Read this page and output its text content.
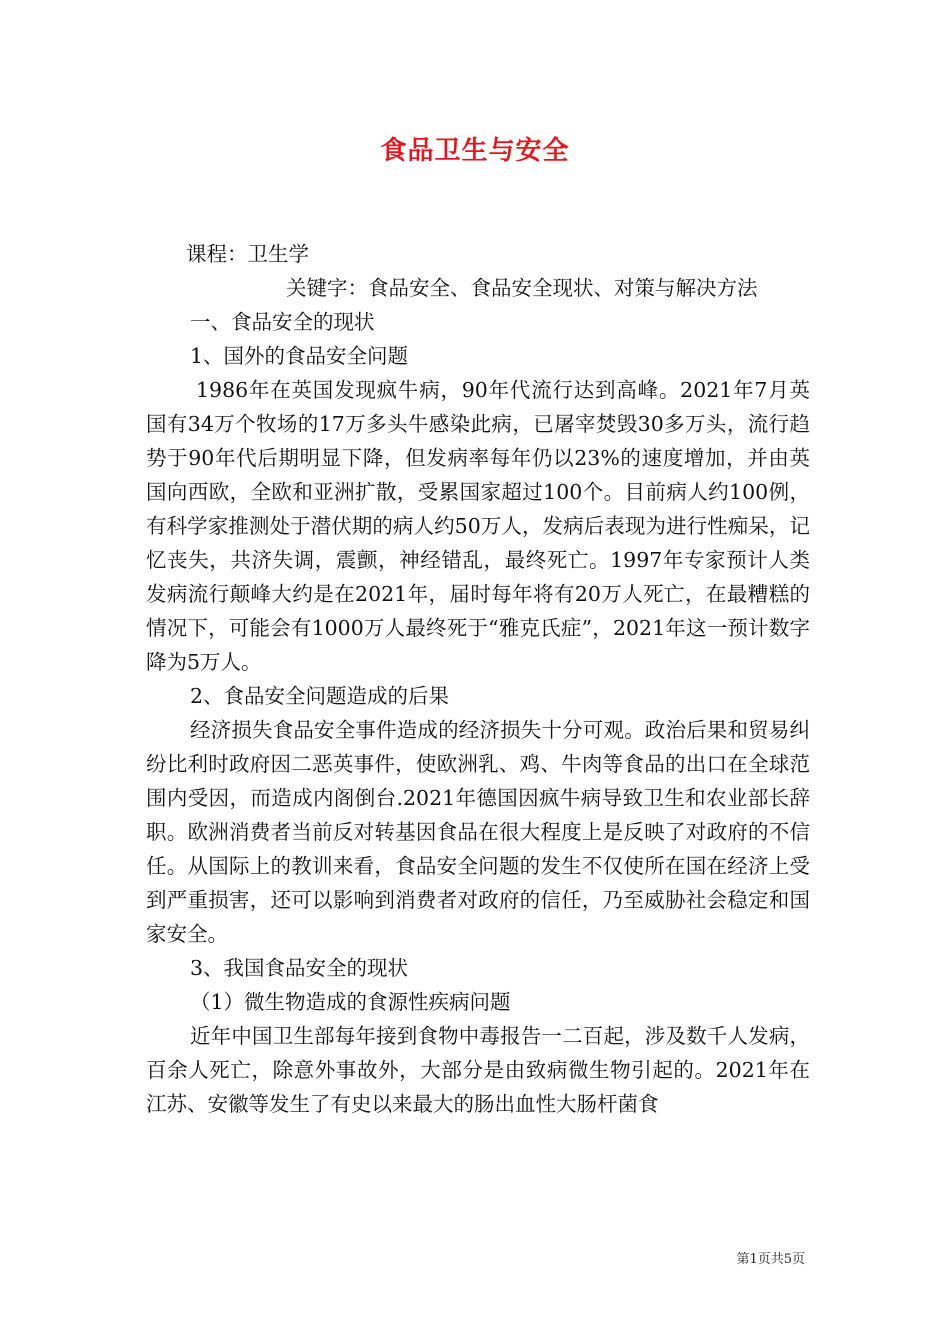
食品卫生与安全

课程：卫生学

关键字：食品安全、食品安全现状、对策与解决方法

一、食品安全的现状

1、国外的食品安全问题

1986年在英国发现疯牛病，90年代流行达到高峰。2021年7月英国有34万个牧场的17万多头牛感染此病，已屠宰焚毁30多万头，流行趋势于90年代后期明显下降，但发病率每年仍以23%的速度增加，并由英国向西欧，全欧和亚洲扩散，受累国家超过100个。目前病人约100例，有科学家推测处于潜伏期的病人约50万人，发病后表现为进行性痴呆，记忆丧失，共济失调，震颤，神经错乱，最终死亡。1997年专家预计人类发病流行颠峰大约是在2021年，届时每年将有20万人死亡，在最糟糕的情况下，可能会有1000万人最终死于“雅克氏症”，2021年这一预计数字降为5万人。

2、食品安全问题造成的后果

经济损失食品安全事件造成的经济损失十分可观。政治后果和贸易纠纷比利时政府因二恶英事件，使欧洲乳、鸡、牛肉等食品的出口在全球范围内受因，而造成内阁倒台.2021年德国因疯牛病导致卫生和农业部长辞职。欧洲消费者当前反对转基因食品在很大程度上是反映了对政府的不信任。从国际上的教训来看，食品安全问题的发生不仅使所在国在经济上受到严重损害，还可以影响到消费者对政府的信任，乃至威胁社会稳定和国家安全。

3、我国食品安全的现状

（1）微生物造成的食源性疾病问题

近年中国卫生部每年接到食物中毒报告一二百起，涉及数千人发病，百余人死亡，除意外事故外，大部分是由致病微生物引起的。2021年在江苏、安徽等发生了有史以来最大的肠出血性大肠杆菌食

第1页共5页
